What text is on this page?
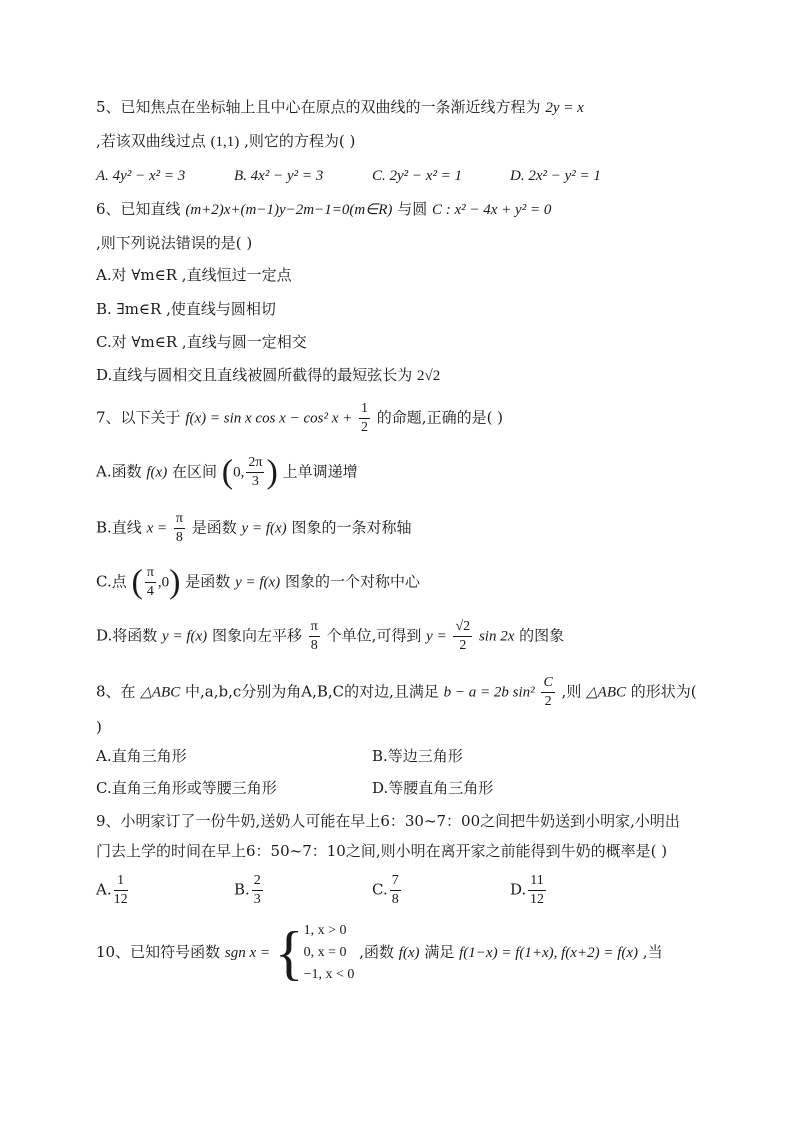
5、已知焦点在坐标轴上且中心在原点的双曲线的一条渐近线方程为 2y = x
,若该双曲线过点 (1,1) ,则它的方程为( )
A. 4y² − x² = 3	B. 4x² − y² = 3	C. 2y² − x² = 1	D. 2x² − y² = 1
6、已知直线 (m+2)x+(m−1)y−2m−1=0(m∈R) 与圆 C : x² − 4x + y² = 0
,则下列说法错误的是( )
A.对 ∀m∈R ,直线恒过一定点
B. ∃m∈R ,使直线与圆相切
C.对 ∀m∈R ,直线与圆一定相交
D.直线与圆相交且直线被圆所截得的最短弦长为 2√2
7、以下关于 f(x) = sin x cos x − cos² $x + \frac{1}{2}$ 的命题,正确的是( )
A.函数 f(x) 在区间 (0, $\frac{2\pi}{3}$ ) 上单调递增
B.直线 $x = \frac{\pi}{8}$ 是函数 y = f(x) 图象的一条对称轴
C.点 ( $\frac{\pi}{4} ,0$) 是函数 y = f(x) 图象的一个对称中心
D.将函数 y = f(x) 图象向左平移 $\frac{\pi}{8}$ 个单位,可得到 $y = \frac{√2}{2}$ sin 2x 的图象
8、在 △ABC 中,a,b,c分别为角A,B,C的对边,且满足 b − a = 2b $\sin^2 \frac{C}{2}$ ,则 △ABC 的形状为(
)
A.直角三角形	B.等边三角形
C.直角三角形或等腰三角形	D.等腰直角三角形
9、小明家订了一份牛奶,送奶人可能在早上6：30~7：00之间把牛奶送到小明家,小明出
门去上学的时间在早上6：50~7：10之间,则小明在离开家之前能得到牛奶的概率是( )
A. $\frac{1}{12}$	B. $\frac{2}{3}$	C. $\frac{7}{8}$	D. $\frac{11}{12}$
10、已知符号函数 sgn x = { 1, x > 0
0, x = 0
−1, x < 0
,函数 f(x) 满足 f(1−x) = f(1+x), f(x+2) = f(x) ,当
